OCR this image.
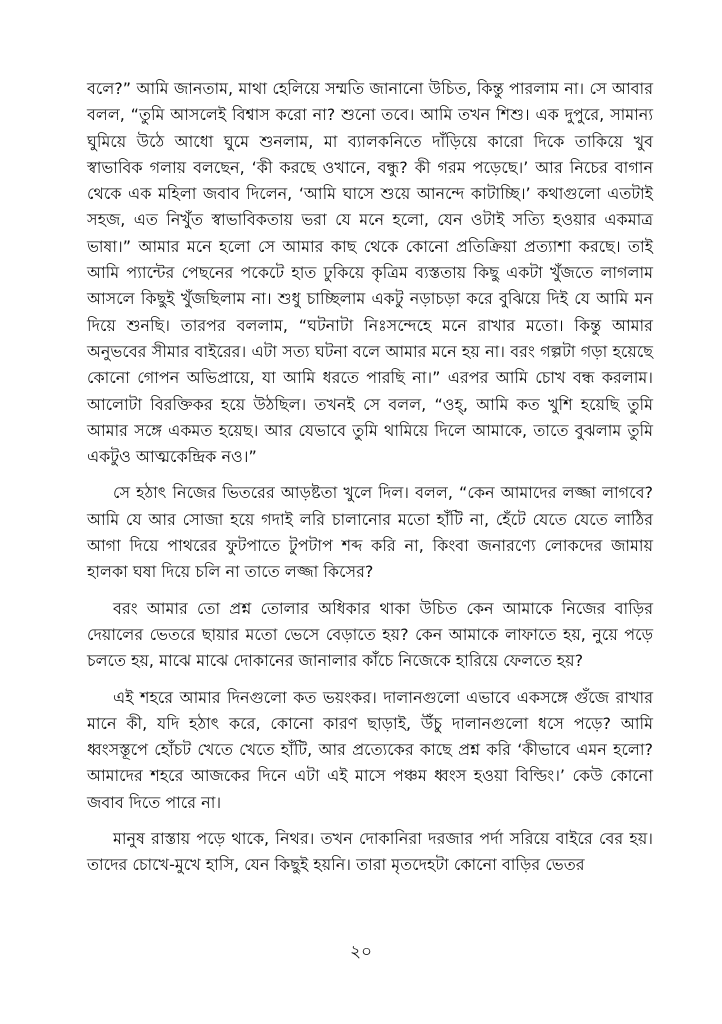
বলে?” আমি জানতাম, মাথা হেলিয়ে সম্মতি জানানো উচিত, কিন্তু পারলাম না। সে আবার বলল, “তুমি আসলেই বিশ্বাস করো না? শুনো তবে। আমি তখন শিশু। এক দুপুরে, সামান্য ঘুমিয়ে উঠে আধো ঘুমে শুনলাম, মা ব্যালকনিতে দাঁড়িয়ে কারো দিকে তাকিয়ে খুব স্বাভাবিক গলায় বলছেন, ‘কী করছে ওখানে, বন্ধু? কী গরম পড়েছে।’ আর নিচের বাগান থেকে এক মহিলা জবাব দিলেন, ‘আমি ঘাসে শুয়ে আনন্দে কাটাচ্ছি।’ কথাগুলো এতটাই সহজ, এত নিখুঁত স্বাভাবিকতায় ভরা যে মনে হলো, যেন ওটাই সত্যি হওয়ার একমাত্র ভাষা।” আমার মনে হলো সে আমার কাছ থেকে কোনো প্রতিক্রিয়া প্রত্যাশা করছে। তাই আমি প্যান্টের পেছনের পকেটে হাত ঢুকিয়ে কৃত্রিম ব্যস্ততায় কিছু একটা খুঁজতে লাগলাম আসলে কিছুই খুঁজছিলাম না। শুধু চাচ্ছিলাম একটু নড়াচড়া করে বুঝিয়ে দিই যে আমি মন দিয়ে শুনছি। তারপর বললাম, “ঘটনাটা নিঃসন্দেহে মনে রাখার মতো। কিন্তু আমার অনুভবের সীমার বাইরের। এটা সত্য ঘটনা বলে আমার মনে হয় না। বরং গল্পটা গড়া হয়েছে কোনো গোপন অভিপ্রায়ে, যা আমি ধরতে পারছি না।” এরপর আমি চোখ বন্ধ করলাম। আলোটা বিরক্তিকর হয়ে উঠছিল। তখনই সে বলল, “ওহ্, আমি কত খুশি হয়েছি তুমি আমার সঙ্গে একমত হয়েছ। আর যেভাবে তুমি থামিয়ে দিলে আমাকে, তাতে বুঝলাম তুমি একটুও আত্মকেন্দ্রিক নও।”

সে হঠাৎ নিজের ভিতরের আড়ষ্টতা খুলে দিল। বলল, “কেন আমাদের লজ্জা লাগবে? আমি যে আর সোজা হয়ে গদাই লরি চালানোর মতো হাঁটি না, হেঁটে যেতে যেতে লাঠির আগা দিয়ে পাথরের ফুটপাতে টুপটাপ শব্দ করি না, কিংবা জনারণ্যে লোকদের জামায় হালকা ঘষা দিয়ে চলি না তাতে লজ্জা কিসের?

বরং আমার তো প্রশ্ন তোলার অধিকার থাকা উচিত কেন আমাকে নিজের বাড়ির দেয়ালের ভেতরে ছায়ার মতো ভেসে বেড়াতে হয়? কেন আমাকে লাফাতে হয়, নুয়ে পড়ে চলতে হয়, মাঝে মাঝে দোকানের জানালার কাঁচে নিজেকে হারিয়ে ফেলতে হয়?

এই শহরে আমার দিনগুলো কত ভয়ংকর। দালানগুলো এভাবে একসঙ্গে গুঁজে রাখার মানে কী, যদি হঠাৎ করে, কোনো কারণ ছাড়াই, উঁচু দালানগুলো ধসে পড়ে? আমি ধ্বংসস্তূপে হোঁচট খেতে খেতে হাঁটি, আর প্রত্যেকের কাছে প্রশ্ন করি ‘কীভাবে এমন হলো? আমাদের শহরে আজকের দিনে এটা এই মাসে পঞ্চম ধ্বংস হওয়া বিল্ডিং।’ কেউ কোনো জবাব দিতে পারে না।

মানুষ রাস্তায় পড়ে থাকে, নিথর। তখন দোকানিরা দরজার পর্দা সরিয়ে বাইরে বের হয়। তাদের চোখে-মুখে হাসি, যেন কিছুই হয়নি। তারা মৃতদেহটা কোনো বাড়ির ভেতর

২০
